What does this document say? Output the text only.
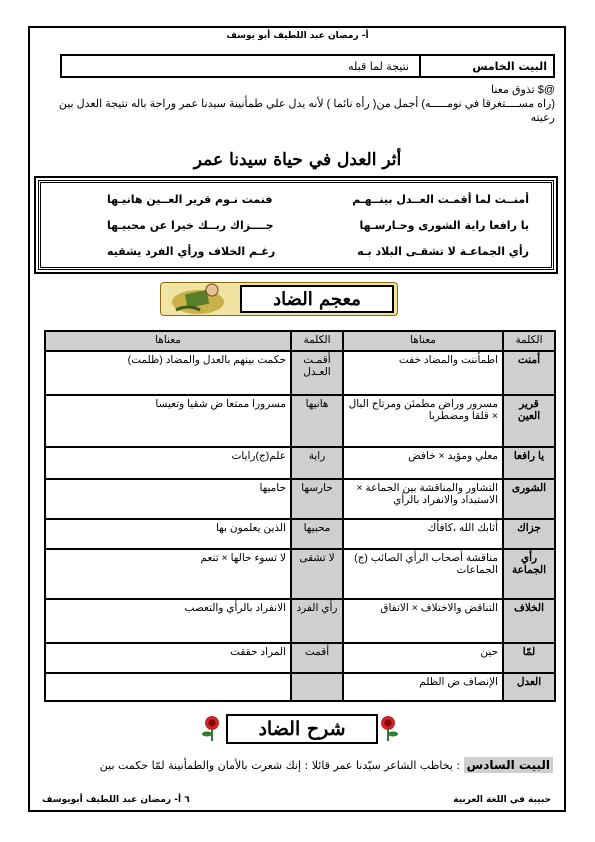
أ- رمضان عبد اللطيف أبو يوسف
البيت الخامس
نتيجة لما قبله
@$ تذوق معنا
(راه مســــتغرقا في نومـــــه) أجمل من( رأه نائما ) لأنه يدل علي طمأنينة سيدنا عمر وراحة باله نتيجة العدل بين رعيته
أثر العدل في حياة سيدنا عمر
أمنــت لما أقمـت العــدل بينــهـم
فنمت نـوم قرير العــين هانيـها
يا رافعا راية الشورى وحـارسـها
جــــزاك ربــك خيرا عن محبيـها
رأي الجماعـة لا تشقـى البلاد بـه
رغـم الخلاف ورأي الفرد يشقيه
معجم الضاد
الكلمة	معناها	الكلمة	معناها
أمنت	اطمأننت والمضاد خفت	أقمـت العـدل	حكمت بينهم بالعدل والمضاد (ظلمت)
قرير العين	مسرور وراض مطمئن ومرتاح البال × قلقا ومضطربا	هانيها	مسرورا ممتعا ض شقيا وتعيسا
يا رافعا	معلي ومؤيد × خافض	راية	علم(ج)رايات
الشورى	التشاور والمناقشة بين الجماعة × الاستبداد والانفراد بالرأي	حارسها	حاميها
جزاك	أثابك الله ،كافأك	محبيها	الذين يعلمون بها
رأي الجماعة	مناقشة أصحاب الرأي الصائب (ج) الجماعات	لا تشقى	لا تسوء حالها × تنعم
الخلاف	التناقض والاختلاف × الاتفاق	رأي الفرد	الانفراد بالرأي والتعصب
لمّا	حين	أقمت	المراد حققت
العدل	الإنصاف ض الظلم		
شرح الضاد
البيت السادس : يخاطب الشاعر سيّدنا عمر قائلا : إنك شعرت بالأمان والطمأنينة لمّا حكمت بين
٦ أ- رمضان عبد اللطيف أبويوسف	حبيبة في اللغة العربية
